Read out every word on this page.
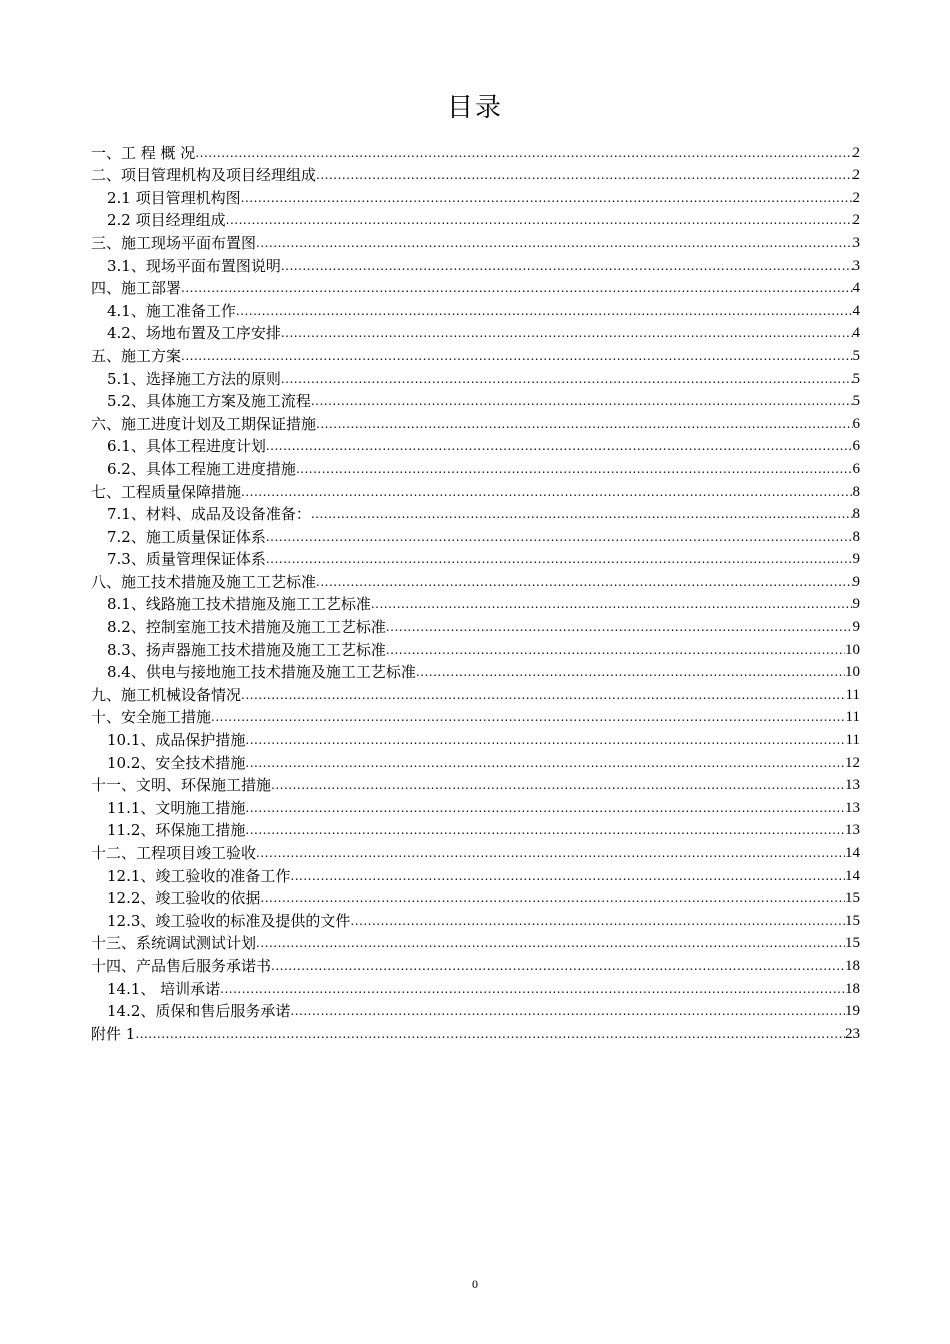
目录
一、工 程 概 况 .....	2
二、项目管理机构及项目经理组成 .....	2
2.1 项目管理机构图 .....	2
2.2 项目经理组成 .....	2
三、施工现场平面布置图 .....	3
3.1、现场平面布置图说明 .....	3
四、施工部署 .....	4
4.1、施工准备工作 .....	4
4.2、场地布置及工序安排 .....	4
五、施工方案 .....	5
5.1、选择施工方法的原则 .....	5
5.2、具体施工方案及施工流程 .....	5
六、施工进度计划及工期保证措施 .....	6
6.1、具体工程进度计划 .....	6
6.2、具体工程施工进度措施 .....	6
七、工程质量保障措施 .....	8
7.1、材料、成品及设备准备： .....	8
7.2、施工质量保证体系 .....	8
7.3、质量管理保证体系 .....	9
八、施工技术措施及施工工艺标准 .....	9
8.1、线路施工技术措施及施工工艺标准 .....	9
8.2、控制室施工技术措施及施工工艺标准 .....	9
8.3、扬声器施工技术措施及施工工艺标准 .....	10
8.4、供电与接地施工技术措施及施工工艺标准 .....	10
九、施工机械设备情况 .....	11
十、安全施工措施 .....	11
10.1、成品保护措施 .....	11
10.2、安全技术措施 .....	12
十一、文明、环保施工措施 .....	13
11.1、文明施工措施 .....	13
11.2、环保施工措施 .....	13
十二、工程项目竣工验收 .....	14
12.1、竣工验收的准备工作 .....	14
12.2、竣工验收的依据 .....	15
12.3、竣工验收的标准及提供的文件 .....	15
十三、系统调试测试计划 .....	15
十四、产品售后服务承诺书 .....	18
14.1、 培训承诺 .....	18
14.2、质保和售后服务承诺 .....	19
附件 1 .....	23
0
